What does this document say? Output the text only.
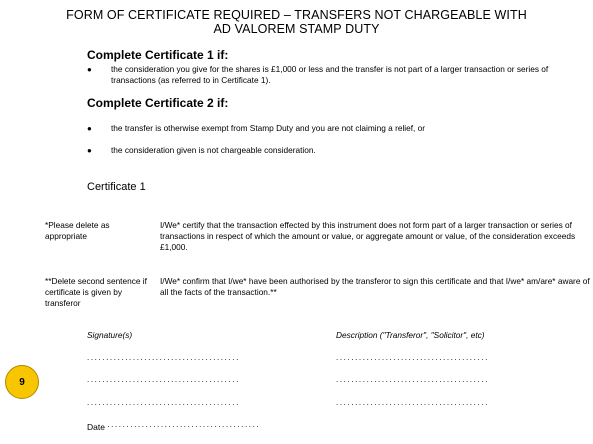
FORM OF CERTIFICATE REQUIRED – TRANSFERS NOT CHARGEABLE WITH
AD VALOREM STAMP DUTY
Complete Certificate 1 if:
● the consideration you give for the shares is £1,000 or less and the transfer is not part of a larger transaction or series of transactions (as referred to in Certificate 1).
Complete Certificate 2 if:
● the transfer is otherwise exempt from Stamp Duty and you are not claiming a relief, or
● the consideration given is not chargeable consideration.
Certificate 1
*Please delete as appropriate
I/We* certify that the transaction effected by this instrument does not form part of a larger transaction or series of transactions in respect of which the amount or value, or aggregate amount or value, of the consideration exceeds £1,000.
**Delete second sentence if certificate is given by transferor
I/We* confirm that I/we* have been authorised by the transferor to sign this certificate and that I/we* am/are* aware of all the facts of the transaction.**
Signature(s)	Description ("Transferor", "Solicitor", etc)
........................................
........................................
........................................
........................................
........................................
........................................
Date ........................................
9
